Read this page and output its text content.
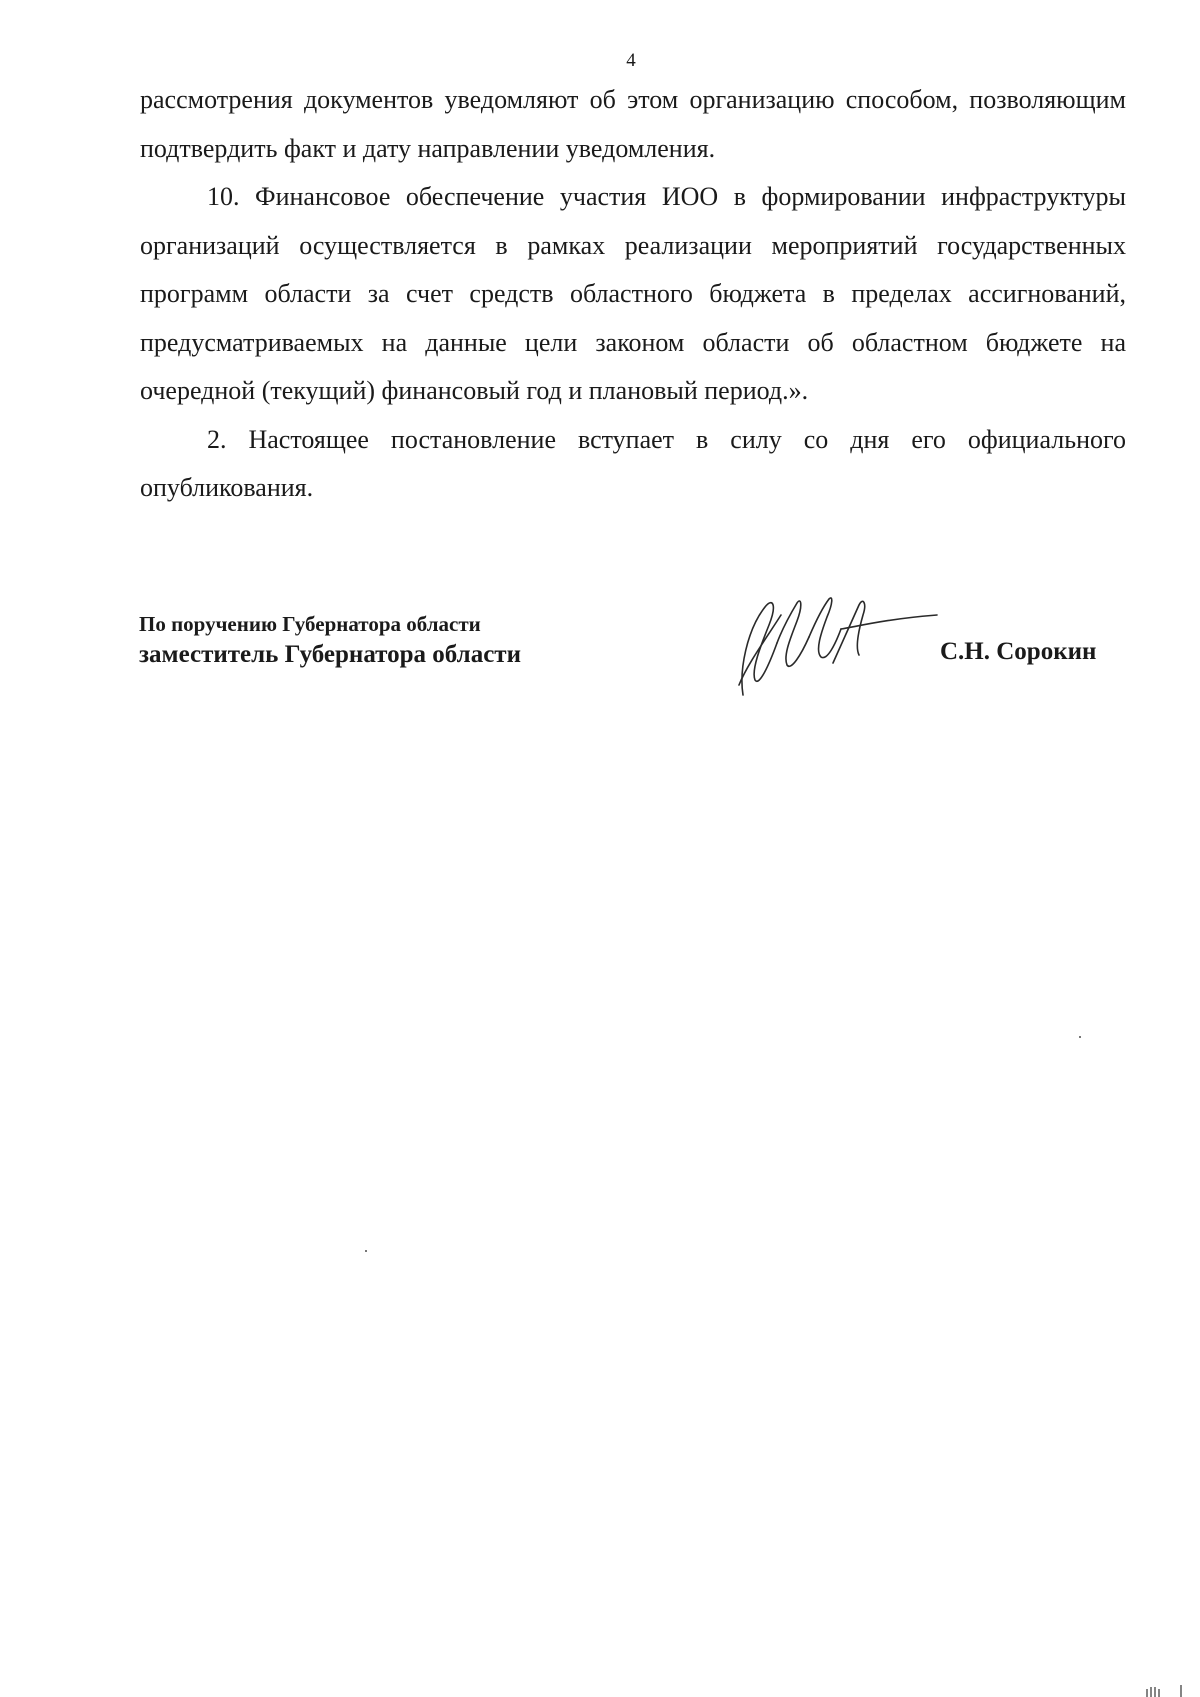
4

рассмотрения документов уведомляют об этом организацию способом, позволяющим подтвердить факт и дату направлении уведомления.

10. Финансовое обеспечение участия ИОО в формировании инфраструктуры организаций осуществляется в рамках реализации мероприятий государственных программ области за счет средств областного бюджета в пределах ассигнований, предусматриваемых на данные цели законом области об областном бюджете на очередной (текущий) финансовый год и плановый период.».

2. Настоящее постановление вступает в силу со дня его официального опубликования.

По поручению Губернатора области
заместитель Губернатора области	С.Н. Сорокин
